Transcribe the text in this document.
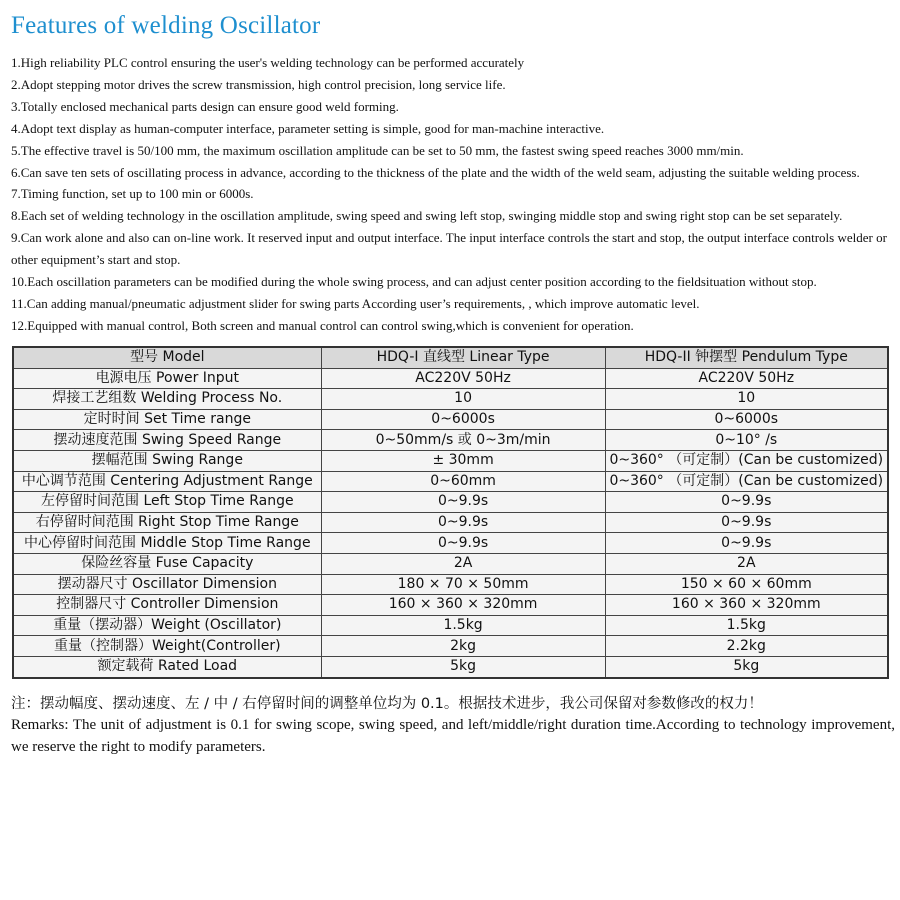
Features of welding Oscillator
1.High reliability PLC control ensuring the user's welding technology can be performed accurately
2.Adopt stepping motor drives the screw transmission, high control precision, long service life.
3.Totally enclosed mechanical parts design can ensure good weld forming.
4.Adopt text display as human-computer interface, parameter setting is simple, good for man-machine interactive.
5.The effective travel is 50/100 mm, the maximum oscillation amplitude can be set to 50 mm, the fastest swing speed reaches 3000 mm/min.
6.Can save ten sets of oscillating process in advance, according to the thickness of the plate and the width of the weld seam, adjusting the suitable welding process.
7.Timing function, set up to 100 min or 6000s.
8.Each set of welding technology in the oscillation amplitude, swing speed and swing left stop, swinging middle stop and swing right stop can be set separately.
9.Can work alone and also can on-line work. It reserved input and output interface. The input interface controls the start and stop, the output interface controls welder or other equipment’s start and stop.
10.Each oscillation parameters can be modified during the whole swing process, and can adjust center position according to the fieldsituation without stop.
11.Can adding manual/pneumatic adjustment slider for swing parts According user’s requirements, , which improve automatic level.
12.Equipped with manual control, Both screen and manual control can control swing,which is convenient for operation.
型号 Model	HDQ-I 直线型 Linear Type	HDQ-II 钟摆型 Pendulum Type
电源电压 Power Input	AC220V 50Hz	AC220V 50Hz
焊接工艺组数 Welding Process No.	10	10
定时时间 Set Time range	0~6000s	0~6000s
摆动速度范围 Swing Speed Range	0~50mm/s 或 0~3m/min	0~10° /s
摆幅范围 Swing Range	± 30mm	0~360° （可定制）(Can be customized)
中心调节范围 Centering Adjustment Range	0~60mm	0~360° （可定制）(Can be customized)
左停留时间范围 Left Stop Time Range	0~9.9s	0~9.9s
右停留时间范围 Right Stop Time Range	0~9.9s	0~9.9s
中心停留时间范围 Middle Stop Time Range	0~9.9s	0~9.9s
保险丝容量 Fuse Capacity	2A	2A
摆动器尺寸 Oscillator Dimension	180 × 70 × 50mm	150 × 60 × 60mm
控制器尺寸 Controller Dimension	160 × 360 × 320mm	160 × 360 × 320mm
重量（摆动器）Weight (Oscillator)	1.5kg	1.5kg
重量（控制器）Weight(Controller)	2kg	2.2kg
额定载荷 Rated Load	5kg	5kg
注：摆动幅度、摆动速度、左 / 中 / 右停留时间的调整单位均为 0.1。根据技术进步，我公司保留对参数修改的权力！
Remarks: The unit of adjustment is 0.1 for swing scope, swing speed, and left/middle/right duration time.According to technology improvement, we reserve the right to modify parameters.
